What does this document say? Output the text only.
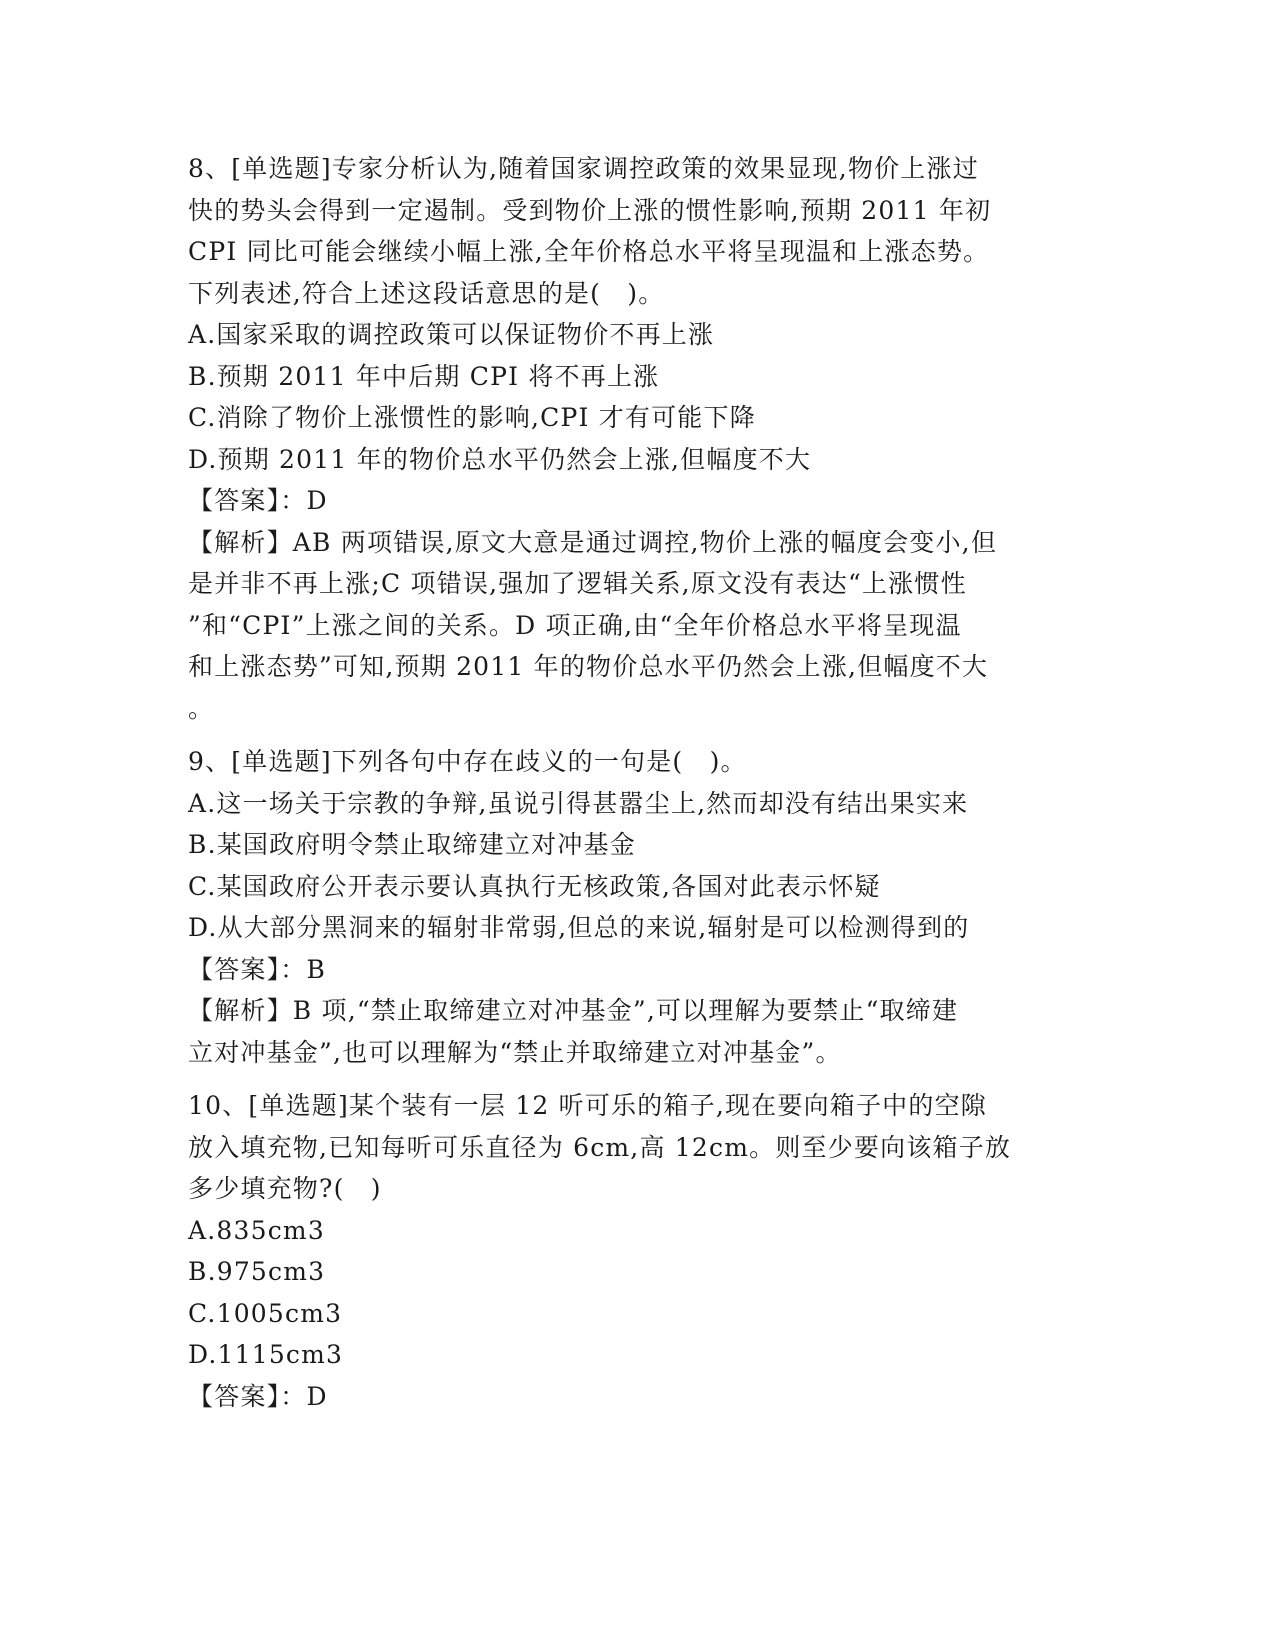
8、[单选题]专家分析认为,随着国家调控政策的效果显现,物价上涨过
快的势头会得到一定遏制。受到物价上涨的惯性影响,预期 2011 年初
CPI 同比可能会继续小幅上涨,全年价格总水平将呈现温和上涨态势。
下列表述,符合上述这段话意思的是(　)。
A.国家采取的调控政策可以保证物价不再上涨
B.预期 2011 年中后期 CPI 将不再上涨
C.消除了物价上涨惯性的影响,CPI 才有可能下降
D.预期 2011 年的物价总水平仍然会上涨,但幅度不大
【答案】：D
【解析】AB 两项错误,原文大意是通过调控,物价上涨的幅度会变小,但
是并非不再上涨;C 项错误,强加了逻辑关系,原文没有表达“上涨惯性
”和“CPI”上涨之间的关系。D 项正确,由“全年价格总水平将呈现温
和上涨态势”可知,预期 2011 年的物价总水平仍然会上涨,但幅度不大
。
9、[单选题]下列各句中存在歧义的一句是(　)。
A.这一场关于宗教的争辩,虽说引得甚嚣尘上,然而却没有结出果实来
B.某国政府明令禁止取缔建立对冲基金
C.某国政府公开表示要认真执行无核政策,各国对此表示怀疑
D.从大部分黑洞来的辐射非常弱,但总的来说,辐射是可以检测得到的
【答案】：B
【解析】B 项,“禁止取缔建立对冲基金”,可以理解为要禁止“取缔建
立对冲基金”,也可以理解为“禁止并取缔建立对冲基金”。
10、[单选题]某个装有一层 12 听可乐的箱子,现在要向箱子中的空隙
放入填充物,已知每听可乐直径为 6cm,高 12cm。则至少要向该箱子放
多少填充物?(　)
A.835cm3
B.975cm3
C.1005cm3
D.1115cm3
【答案】：D
